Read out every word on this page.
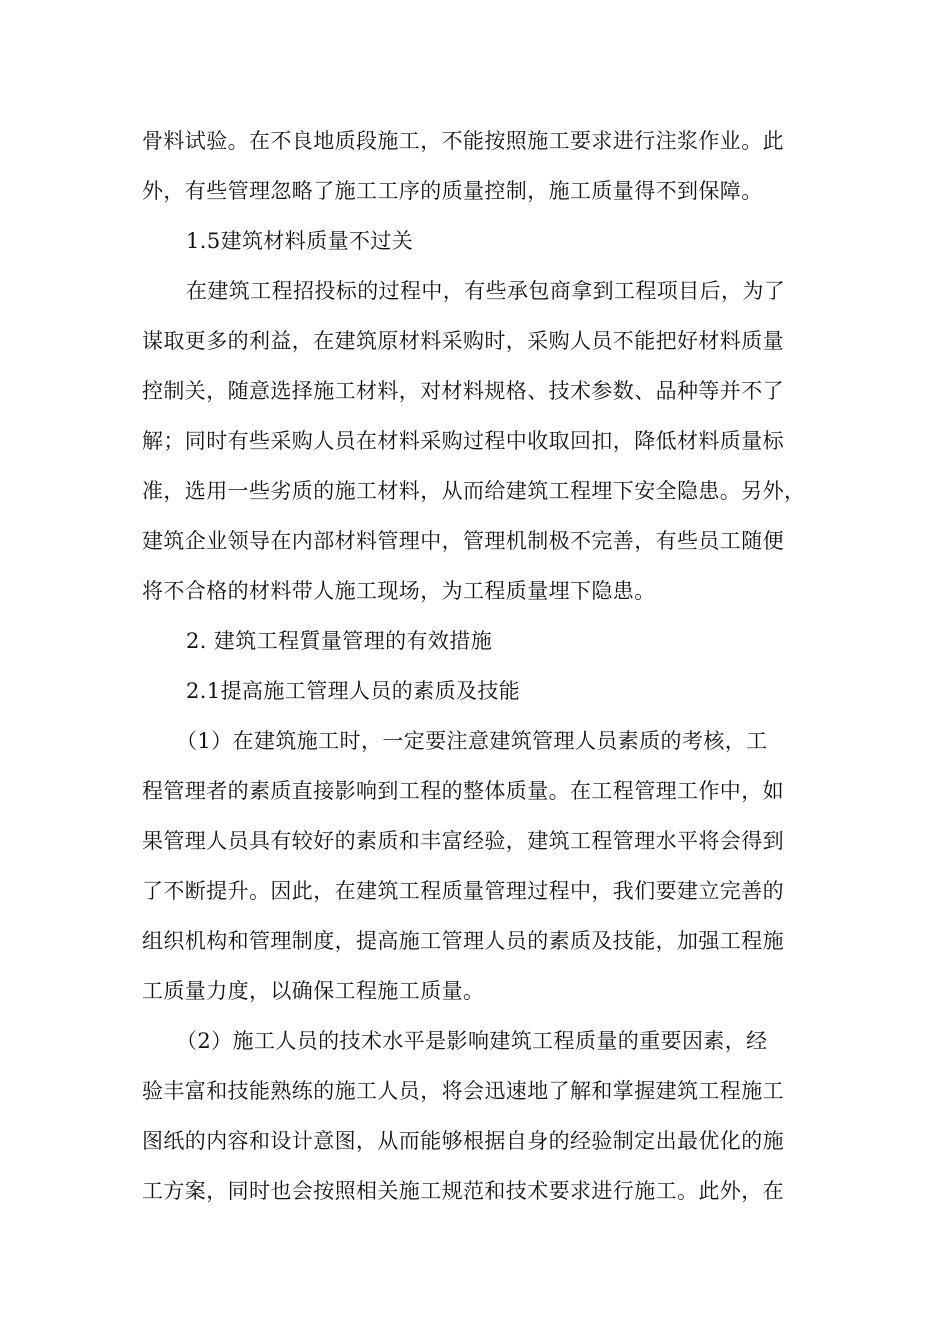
骨料试验。在不良地质段施工，不能按照施工要求进行注浆作业。此
外，有些管理忽略了施工工序的质量控制，施工质量得不到保障。
1.5建筑材料质量不过关
在建筑工程招投标的过程中，有些承包商拿到工程项目后，为了
谋取更多的利益，在建筑原材料采购时，采购人员不能把好材料质量
控制关，随意选择施工材料，对材料规格、技术参数、品种等并不了
解；同时有些采购人员在材料采购过程中收取回扣，降低材料质量标
准，选用一些劣质的施工材料，从而给建筑工程埋下安全隐患。另外，
建筑企业领导在内部材料管理中，管理机制极不完善，有些员工随便
将不合格的材料带人施工现场，为工程质量埋下隐患。
2. 建筑工程質量管理的有效措施
2.1提高施工管理人员的素质及技能
（1）在建筑施工时，一定要注意建筑管理人员素质的考核，工
程管理者的素质直接影响到工程的整体质量。在工程管理工作中，如
果管理人员具有较好的素质和丰富经验，建筑工程管理水平将会得到
了不断提升。因此，在建筑工程质量管理过程中，我们要建立完善的
组织机构和管理制度，提高施工管理人员的素质及技能，加强工程施
工质量力度，以确保工程施工质量。
（2）施工人员的技术水平是影响建筑工程质量的重要因素，经
验丰富和技能熟练的施工人员，将会迅速地了解和掌握建筑工程施工
图纸的内容和设计意图，从而能够根据自身的经验制定出最优化的施
工方案，同时也会按照相关施工规范和技术要求进行施工。此外，在
